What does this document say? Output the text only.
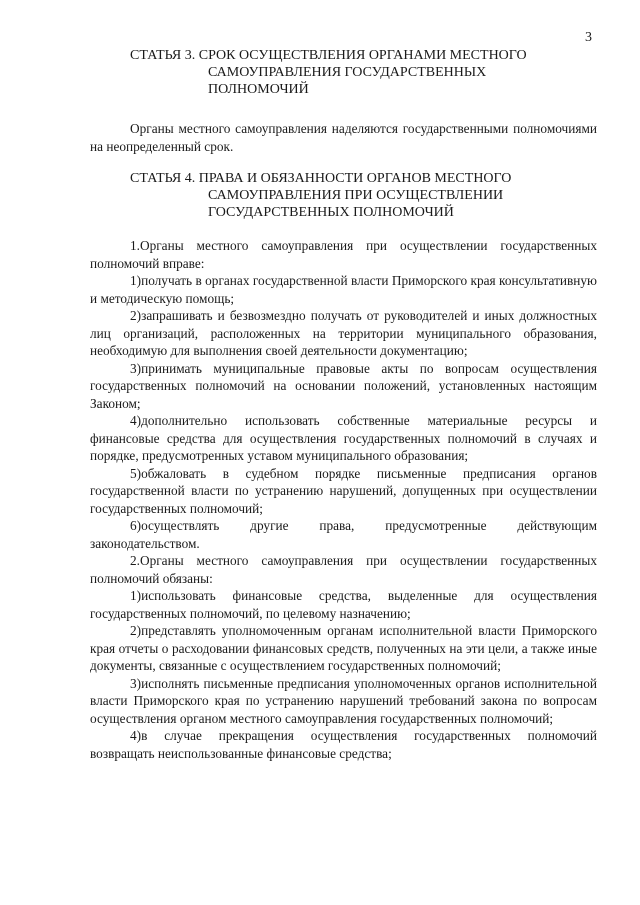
3
СТАТЬЯ 3. СРОК ОСУЩЕСТВЛЕНИЯ ОРГАНАМИ МЕСТНОГО
САМОУПРАВЛЕНИЯ ГОСУДАРСТВЕННЫХ
ПОЛНОМОЧИЙ

Органы местного самоуправления наделяются государственными полномочиями на неопределенный срок.

СТАТЬЯ 4. ПРАВА И ОБЯЗАННОСТИ ОРГАНОВ МЕСТНОГО
САМОУПРАВЛЕНИЯ ПРИ ОСУЩЕСТВЛЕНИИ
ГОСУДАРСТВЕННЫХ ПОЛНОМОЧИЙ

1.Органы местного самоуправления при осуществлении государственных полномочий вправе:

1)получать в органах государственной власти Приморского края консультативную и методическую помощь;

2)запрашивать и безвозмездно получать от руководителей и иных должностных лиц организаций, расположенных на территории муниципального образования, необходимую для выполнения своей деятельности документацию;

3)принимать муниципальные правовые акты по вопросам осуществления государственных полномочий на основании положений, установленных настоящим Законом;

4)дополнительно использовать собственные материальные ресурсы и финансовые средства для осуществления государственных полномочий в случаях и порядке, предусмотренных уставом муниципального образования;

5)обжаловать в судебном порядке письменные предписания органов государственной власти по устранению нарушений, допущенных при осуществлении государственных полномочий;

6)осуществлять другие права, предусмотренные действующим законодательством.

2.Органы местного самоуправления при осуществлении государственных полномочий обязаны:

1)использовать финансовые средства, выделенные для осуществления государственных полномочий, по целевому назначению;

2)представлять уполномоченным органам исполнительной власти Приморского края отчеты о расходовании финансовых средств, полученных на эти цели, а также иные документы, связанные с осуществлением государственных полномочий;

3)исполнять письменные предписания уполномоченных органов исполнительной власти Приморского края по устранению нарушений требований закона по вопросам осуществления органом местного самоуправления государственных полномочий;

4)в случае прекращения осуществления государственных полномочий возвращать неиспользованные финансовые средства;
